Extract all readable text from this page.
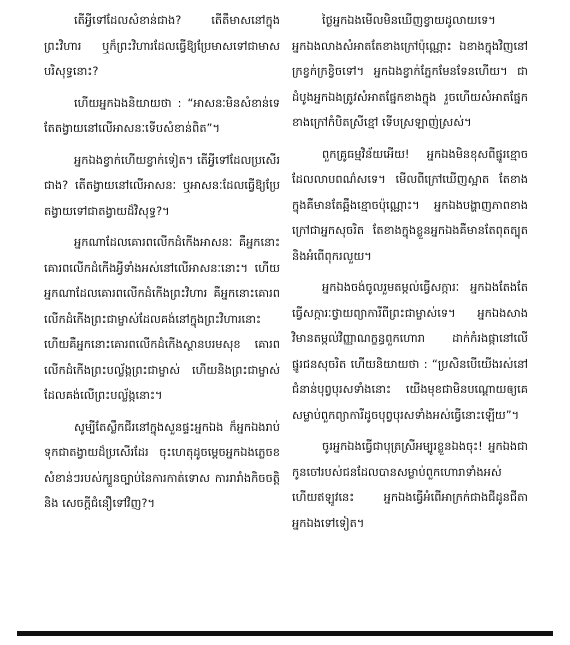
តើអ្វីទៅដែលសំខាន់ជាង? តើតឹមាសនៅក្នុងព្រះវិហារ ឬក៏ព្រះវិហារដែលធ្វើឱ្យប្រែមាសទៅជាមាសបរិសុទ្ធនោះ?

ហើយអ្នកឯងនិយាយថា : “អាសនៈមិនសំខាន់ទេ តែតង្វាយនៅលើអាសនៈទើបសំខាន់ពិត”។

អ្នកឯងខ្វាក់ហើយខ្វាក់ទៀត។ តើអ្វីទៅដែលប្រសើរជាង? តើតង្វាយនៅលើអាសនៈ ឬអាសនៈដែលធ្វើឱ្យប្រែតង្វាយទៅជាតង្វាយដ៏វិសុទ្ធ?។

អ្នកណាដែលគោរពលើកដំកើងអាសនៈ គឺអ្នកនោះគោរពលើកដំកើងអ្វីទាំងអស់នៅលើអាសនៈនោះ។ ហើយអ្នកណាដែលគោរពលើកដំកើងព្រះវិហារ គឺអ្នកនោះគោរពលើកដំកើងព្រះជាម្ចាស់ដែលគង់នៅក្នុងព្រះវិហារនោះ ហើយគឺអ្នកនោះគោរពលើកដំកើងស្ថានបរមសុខ គោរពលើកដំកើងព្រះបល្ល័ង្កព្រះជាម្ចាស់ ហើយនិងព្រះជាម្ចាស់ដែលគង់លើព្រះបល្ល័ង្កនោះ។

សូម្បីតែស្លឹកជីរនៅក្នុងសួនផ្ទះអ្នកឯង ក៏អ្នកឯងរាប់ទុកជាតង្វាយដ៏ប្រសើរដែរ ចុះហេតុដូចម្តេចអ្នកឯងភ្លេចខសំខាន់ៗរបស់ក្បួនច្បាប់នៃការកាត់ទោស ការរារាំងកិចចត្តិនិង សេចក្តីជំនឿទៅវិញ?។

ថ្ងៃអ្នកឯងមើលមិនឃើញខ្វាយដូលាយទេ។ អ្នកឯងលាងសំអាតតែខាងក្រៅប៉ុណ្ណោះ ឯខាងក្នុងវិញនៅក្រខ្វក់ក្រខ្វិចទៅ។ អ្នកឯងខ្វាក់ភ្នែកមែនទែនហើយ។ ជាដំបូងអ្នកឯងត្រូវសំអាតផ្នែកខាងក្នុង រួចហើយសំអាតផ្នែកខាងក្រៅកំបិតស្រីខ្មៅ ទើបស្រឡាញ់ស្រស់។

ពួកគ្រូធម្មវិន័យអើយ! អ្នកឯងមិនខុសពីផ្នូរខ្មោចដែលលាបពណ៌សទេ។ មើលពីក្រៅឃើញស្អាត តែខាងក្នុងគឺមានតែឆ្អឹងខ្មោចប៉ុណ្ណោះ។ អ្នកឯងបង្ហាញភាពខាងក្រៅជាអ្នកសុចរិត តែខាងក្នុងខ្លួនអ្នកឯងគឺមានតែពុតត្បុតនិងអំពើពុករលួយ។

អ្នកឯងចង់ចូលរួមតម្កល់ធ្វើសក្ការៈ អ្នកឯងតែងតែធ្វើសក្ការៈថ្វាយព្យាការីពីព្រះជាម្ចាស់ទេ។ អ្នកឯងសាងវិមានតម្កល់វិញ្ញាណក្ខន្ធពួកហោរា ដាក់កំរងផ្កានៅលើផ្នូរជនសុចរិត ហើយនិយាយថា : “ប្រសិនបើយើងរស់នៅជំនាន់បុព្វបុរសទាំងនោះ យើងមុខជាមិនបណ្តោយឲ្យគេសម្លាប់ពួកព្យាការីដូចបុព្វបុរសទាំងអស់ធ្វើនោះឡើយ”។

ចូរអ្នកឯងធ្វើជាបុត្រស្រីអម្បូរខ្លួនឯងចុះ! អ្នកឯងជាកូនចៅរបស់ជនដែលបានសម្លាប់ពួកហោរាទាំងអស់ ហើយឥឡូវនេះ អ្នកឯងធ្វើអំពើអាក្រក់ជាងជីដូនជីតាអ្នកឯងទៅទៀត។
